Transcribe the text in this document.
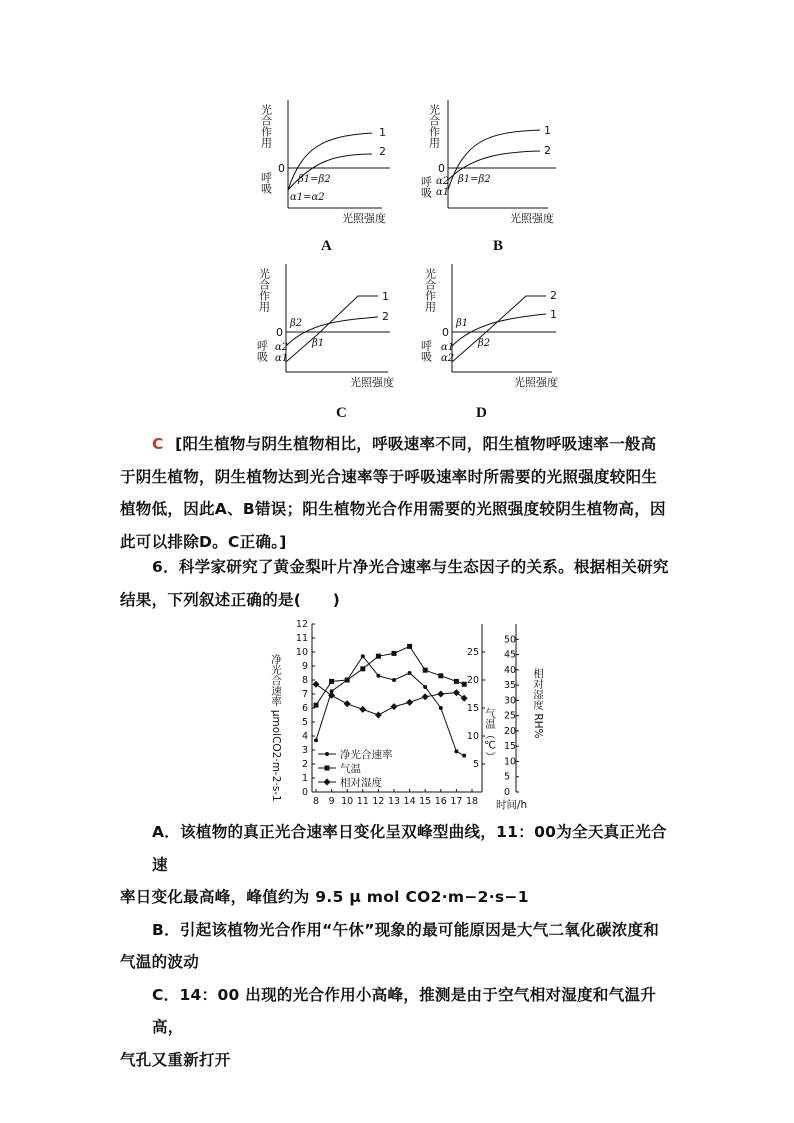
光合作用
呼吸
0
1
2
β1=β2
α1=α2
光照强度
A
光合作用
呼吸
0
α2
α1
1
2
β1=β2
光照强度
B
光合作用
呼吸
0
α2
α1
β2
β1
1
2
光照强度
C
光合作用
呼吸
0
α1
α2
β1
β2
2
1
光照强度
D
C [阳生植物与阴生植物相比，呼吸速率不同，阳生植物呼吸速率一般高
于阴生植物，阴生植物达到光合速率等于呼吸速率时所需要的光照强度较阳生
植物低，因此A、B错误；阳生植物光合作用需要的光照强度较阴生植物高，因
此可以排除D。C正确。]
6．科学家研究了黄金梨叶片净光合速率与生态因子的关系。根据相关研究
结果，下列叙述正确的是(　　)
0
1
2
3
4
5
6
7
8
9
10
11
12
5
10
15
20
25
0
5
10
15
20
25
30
35
40
45
50
8 9 10 11 12 13 14 15 16 17 18
净光合速率 μmolCO2·m-2·s-1	气温（℃）	相对湿度 RH%
时间/h
净光合速率
气温
相对湿度
A．该植物的真正光合速率日变化呈双峰型曲线，11：00为全天真正光合速
率日变化最高峰，峰值约为 9.5 μ mol CO2·m−2·s−1
B．引起该植物光合作用“午休”现象的最可能原因是大气二氧化碳浓度和
气温的波动
C．14：00 出现的光合作用小高峰，推测是由于空气相对湿度和气温升高，
气孔又重新打开
